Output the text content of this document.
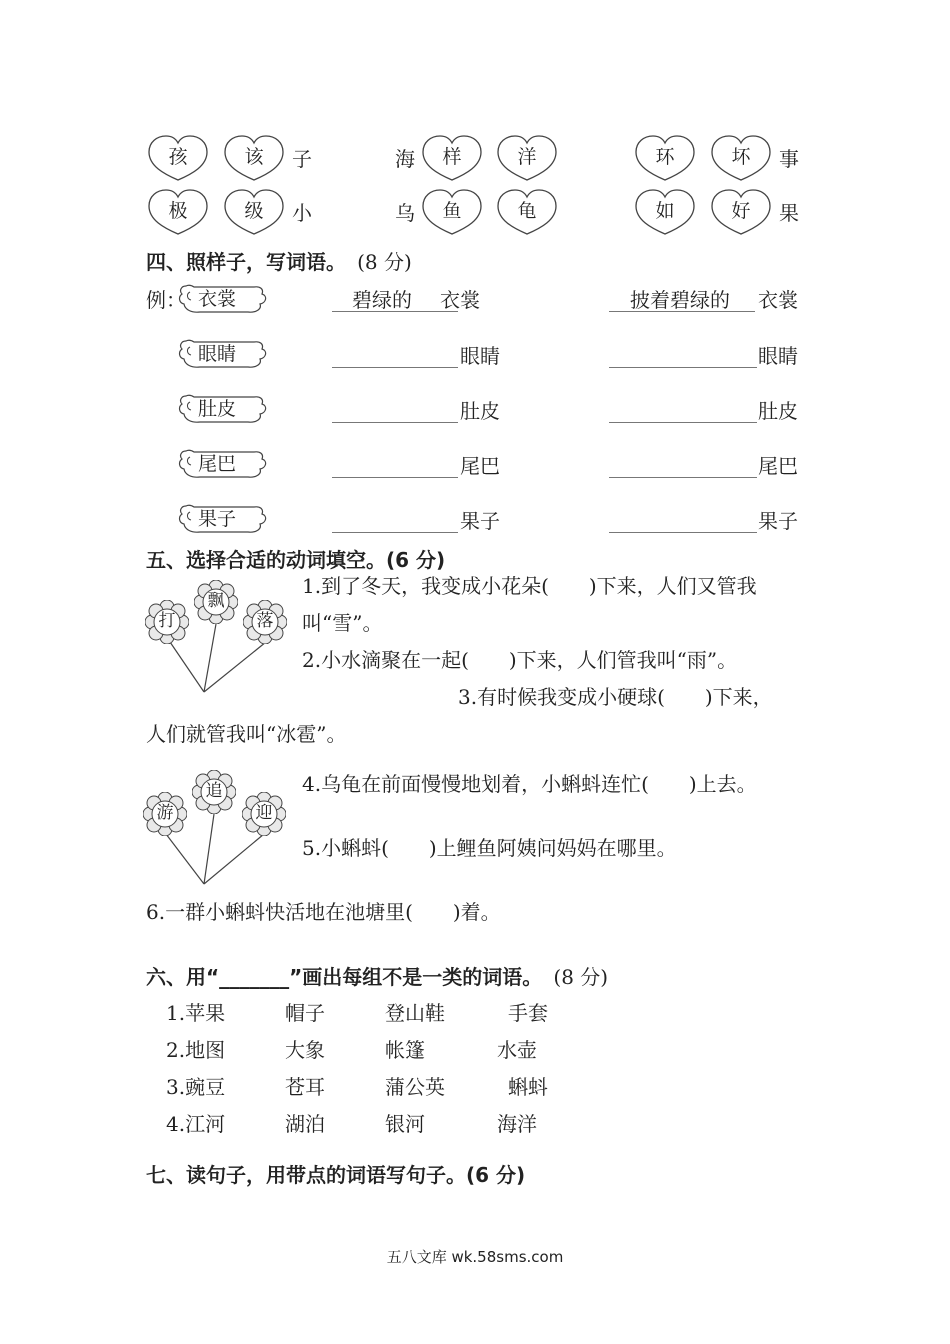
孩	该	子	海	样	洋	环	坏	事
极	级	小	乌	鱼	龟	如	好	果
四、照样子，写词语。 (8 分)
例： 衣裳	碧绿的 衣裳	披着碧绿的 衣裳
眼睛	眼睛	眼睛
肚皮	肚皮	肚皮
尾巴	尾巴	尾巴
果子	果子	果子
五、选择合适的动词填空。(6 分)
打
飘
落
1.到了冬天，我变成小花朵(　　)下来，人们又管我
叫“雪”。
2.小水滴聚在一起(　　)下来，人们管我叫“雨”。
3.有时候我变成小硬球(　　)下来，
人们就管我叫“冰雹”。
游
追
迎
4.乌龟在前面慢慢地划着，小蝌蚪连忙(　　)上去。
5.小蝌蚪(　　)上鲤鱼阿姨问妈妈在哪里。
6.一群小蝌蚪快活地在池塘里(　　)着。
六、用“_______”画出每组不是一类的词语。 (8 分)
1.苹果	帽子	登山鞋	手套
2.地图	大象	帐篷	水壶
3.豌豆	苍耳	蒲公英	蝌蚪
4.江河	湖泊	银河	海洋
七、读句子，用带点的词语写句子。(6 分)
五八文库 wk.58sms.com
